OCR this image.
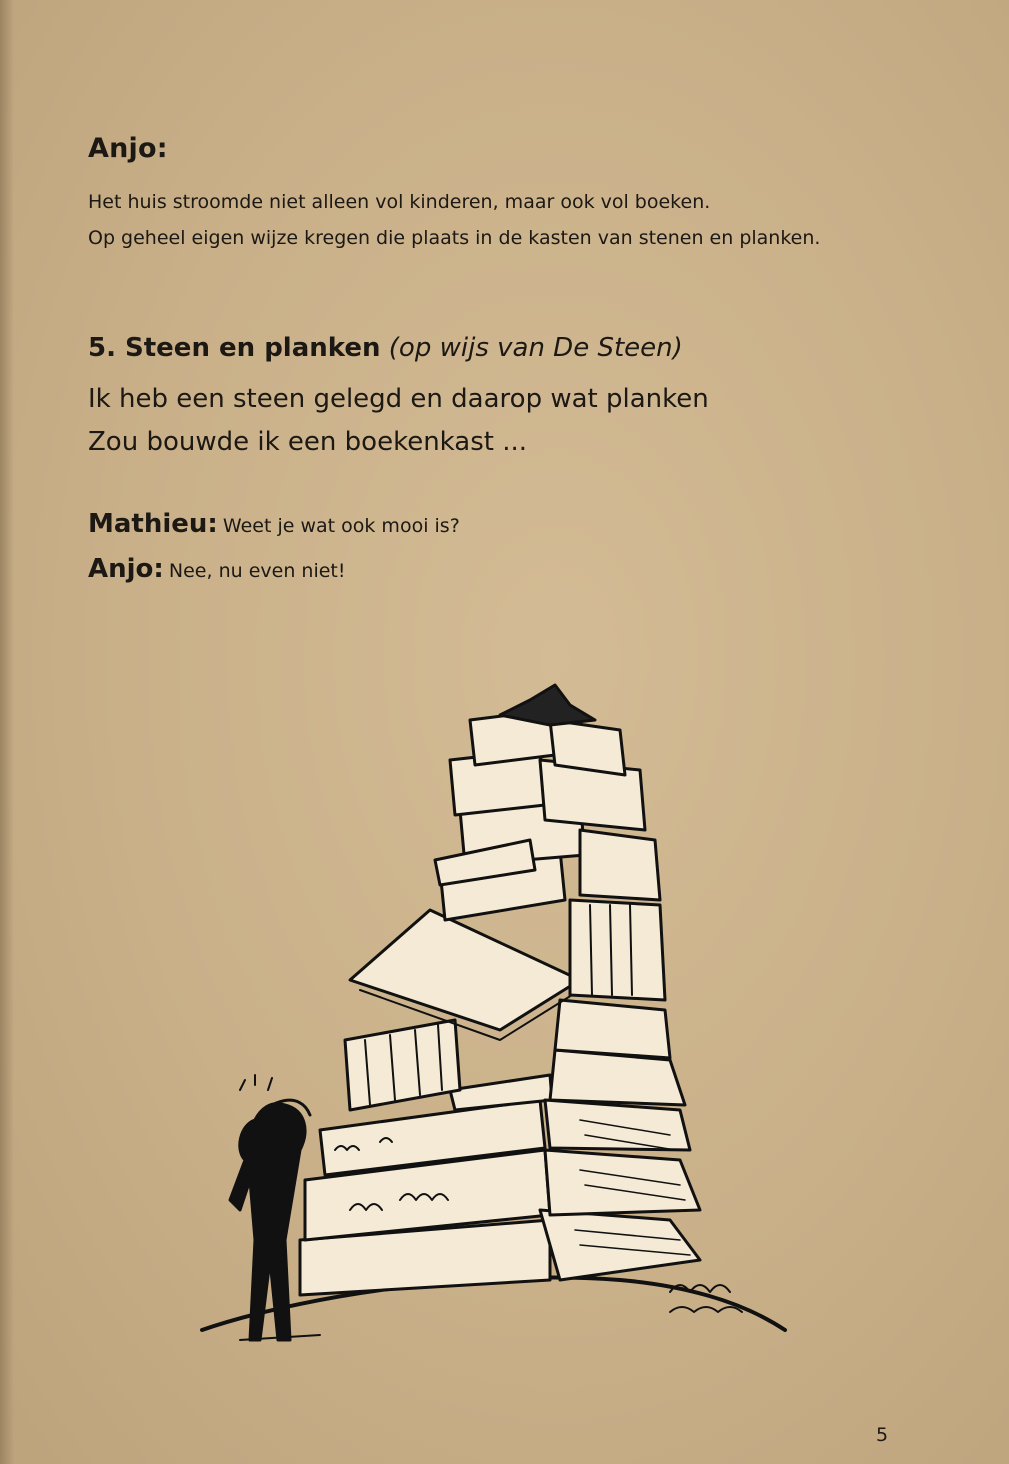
Anjo:
Het huis stroomde niet alleen vol kinderen, maar ook vol boeken.
Op geheel eigen wijze kregen die plaats in de kasten van stenen en planken.
5. Steen en planken (op wijs van De Steen)
Ik heb een steen gelegd en daarop wat planken
Zou bouwde ik een boekenkast ...
Mathieu: Weet je wat ook mooi is?
Anjo: Nee, nu even niet!
5
